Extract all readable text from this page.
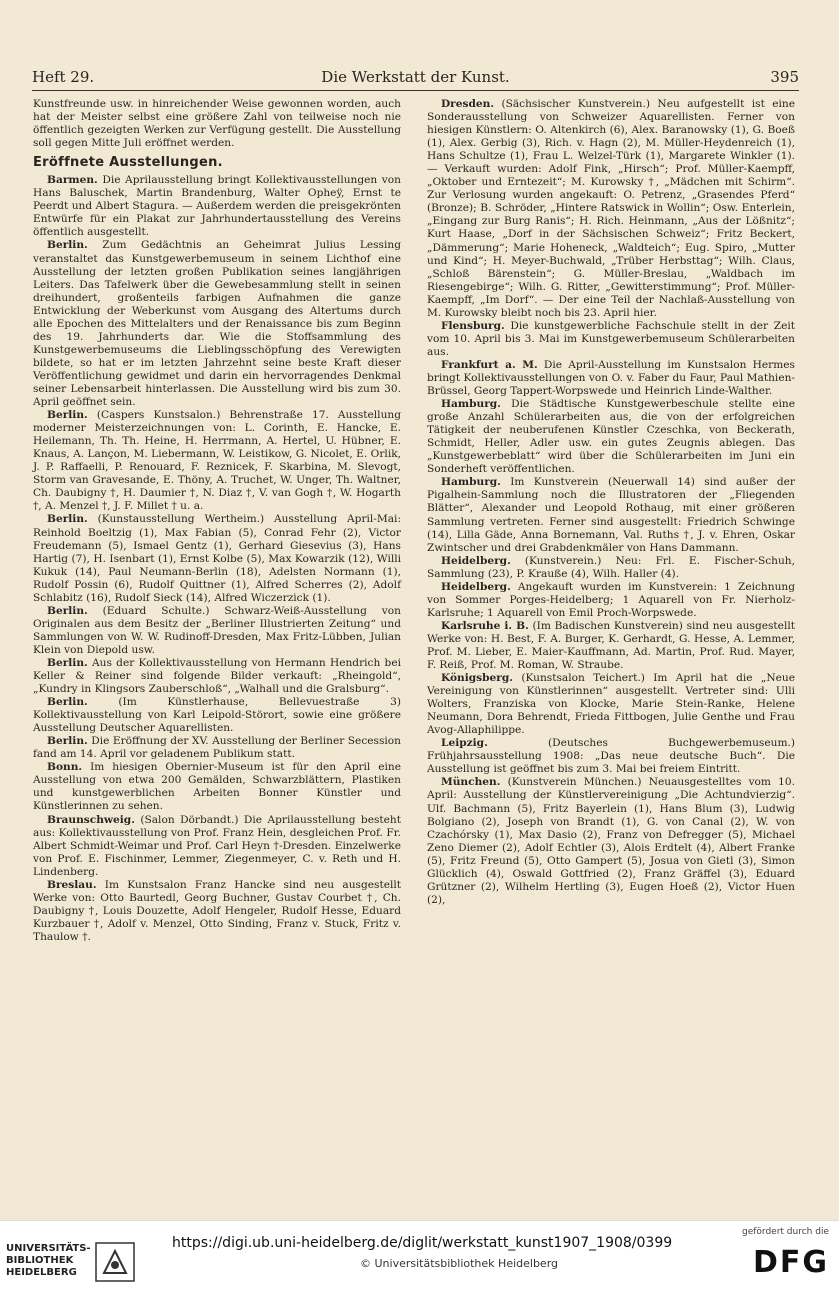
Heft 29.	Die Werkstatt der Kunst.	395

Kunstfreunde usw. in hinreichender Weise gewonnen worden, auch hat der Meister selbst eine größere Zahl von teilweise noch nie öffentlich gezeigten Werken zur Verfügung gestellt. Die Ausstellung soll gegen Mitte Juli eröffnet werden.

Eröffnete Ausstellungen.

Barmen. Die Aprilausstellung bringt Kollektivausstellungen von Hans Baluschek, Martin Brandenburg, Walter Opheÿ, Ernst te Peerdt und Albert Stagura. — Außerdem werden die preisgekrönten Entwürfe für ein Plakat zur Jahrhundertausstellung des Vereins öffentlich ausgestellt.

Berlin. Zum Gedächtnis an Geheimrat Julius Lessing veranstaltet das Kunstgewerbemuseum in seinem Lichthof eine Ausstellung der letzten großen Publikation seines langjährigen Leiters. Das Tafelwerk über die Gewebesammlung stellt in seinen dreihundert, großenteils farbigen Aufnahmen die ganze Entwicklung der Weberkunst vom Ausgang des Altertums durch alle Epochen des Mittelalters und der Renaissance bis zum Beginn des 19. Jahrhunderts dar. Wie die Stoffsammlung des Kunstgewerbemuseums die Lieblingsschöpfung des Verewigten bildete, so hat er im letzten Jahrzehnt seine beste Kraft dieser Veröffentlichung gewidmet und darin ein hervorragendes Denkmal seiner Lebensarbeit hinterlassen. Die Ausstellung wird bis zum 30. April geöffnet sein.

Berlin. (Caspers Kunstsalon.) Behrenstraße 17. Ausstellung moderner Meisterzeichnungen von: L. Corinth, E. Hancke, E. Heilemann, Th. Th. Heine, H. Herrmann, A. Hertel, U. Hübner, E. Knaus, A. Lançon, M. Liebermann, W. Leistikow, G. Nicolet, E. Orlik, J. P. Raffaelli, P. Renouard, F. Reznicek, F. Skarbina, M. Slevogt, Storm van Gravesande, E. Thöny, A. Truchet, W. Unger, Th. Waltner, Ch. Daubigny †, H. Daumier †, N. Diaz †, V. van Gogh †, W. Hogarth †, A. Menzel †, J. F. Millet † u. a.

Berlin. (Kunstausstellung Wertheim.) Ausstellung April-Mai: Reinhold Boeltzig (1), Max Fabian (5), Conrad Fehr (2), Victor Freudemann (5), Ismael Gentz (1), Gerhard Giesevius (3), Hans Hartig (7), H. Isenbart (1), Ernst Kolbe (5), Max Kowarzik (12), Willi Kukuk (14), Paul Neumann-Berlin (18), Adelsten Normann (1), Rudolf Possin (6), Rudolf Quittner (1), Alfred Scherres (2), Adolf Schlabitz (16), Rudolf Sieck (14), Alfred Wiczerzick (1).

Berlin. (Eduard Schulte.) Schwarz-Weiß-Ausstellung von Originalen aus dem Besitz der „Berliner Illustrierten Zeitung“ und Sammlungen von W. W. Rudinoff-Dresden, Max Fritz-Lübben, Julian Klein von Diepold usw.

Berlin. Aus der Kollektivausstellung von Hermann Hendrich bei Keller & Reiner sind folgende Bilder verkauft: „Rheingold“, „Kundry in Klingsors Zauberschloß“, „Walhall und die Gralsburg“.

Berlin.	(Im Künstlerhause, Bellevuestraße 3) Kollektivausstellung von Karl Leipold-Störort, sowie eine größere Ausstellung Deutscher Aquarellisten.

Berlin. Die Eröffnung der XV. Ausstellung der Berliner Secession fand am 14. April vor geladenem Publikum statt.

Bonn. Im hiesigen Obernier-Museum ist für den April eine Ausstellung von etwa 200 Gemälden, Schwarzblättern, Plastiken und kunstgewerblichen Arbeiten Bonner Künstler und Künstlerinnen zu sehen.

Braunschweig. (Salon Dörbandt.) Die Aprilausstellung besteht aus: Kollektivausstellung von Prof. Franz Hein, desgleichen Prof. Fr. Albert Schmidt-Weimar und Prof. Carl Heyn †-Dresden. Einzelwerke von Prof. E. Fischinmer, Lemmer, Ziegenmeyer, C. v. Reth und H. Lindenberg.

Breslau. Im Kunstsalon Franz Hancke sind neu ausgestellt Werke von: Otto Baurtedl, Georg Buchner, Gustav Courbet †, Ch. Daubigny †, Louis Douzette, Adolf Hengeler, Rudolf Hesse, Eduard Kurzbauer †, Adolf v. Menzel, Otto Sinding, Franz v. Stuck, Fritz v. Thaulow †.

Dresden. (Sächsischer Kunstverein.) Neu aufgestellt ist eine Sonderausstellung von Schweizer Aquarellisten. Ferner von hiesigen Künstlern: O. Altenkirch (6), Alex. Baranowsky (1), G. Boeß (1), Alex. Gerbig (3), Rich. v. Hagn (2), M. Müller-Heydenreich (1), Hans Schultze (1), Frau L. Welzel-Türk (1), Margarete Winkler (1). — Verkauft wurden: Adolf Fink, „Hirsch“; Prof. Müller-Kaempff, „Oktober und Erntezeit“; M. Kurowsky †, „Mädchen mit Schirm“. Zur Verlosung wurden angekauft: O. Petrenz, „Grasendes Pferd“ (Bronze); B. Schröder, „Hintere Ratswick in Wollin“; Osw. Enterlein, „Eingang zur Burg Ranis“; H. Rich. Heinmann, „Aus der Lößnitz“; Kurt Haase, „Dorf in der Sächsischen Schweiz“; Fritz Beckert, „Dämmerung“; Marie Hoheneck, „Waldteich“; Eug. Spiro, „Mutter und Kind“; H. Meyer-Buchwald, „Trüber Herbsttag“; Wilh. Claus, „Schloß Bärenstein“; G. Müller-Breslau, „Waldbach im Riesengebirge“; Wilh. G. Ritter, „Gewitterstimmung“; Prof. Müller-Kaempff, „Im Dorf“. — Der eine Teil der Nachlaß-Ausstellung von M. Kurowsky bleibt noch bis 23. April hier.

Flensburg. Die kunstgewerbliche Fachschule stellt in der Zeit vom 10. April bis 3. Mai im Kunstgewerbemuseum Schülerarbeiten aus.

Frankfurt a. M. Die April-Ausstellung im Kunstsalon Hermes bringt Kollektivausstellungen von O. v. Faber du Faur, Paul Mathien-Brüssel, Georg Tappert-Worpswede und Heinrich Linde-Walther.

Hamburg. Die Städtische Kunstgewerbeschule stellte eine große Anzahl Schülerarbeiten aus, die von der erfolgreichen Tätigkeit der neuberufenen Künstler Czeschka, von Beckerath, Schmidt, Heller, Adler usw. ein gutes Zeugnis ablegen. Das „Kunstgewerbeblatt“ wird über die Schülerarbeiten im Juni ein Sonderheft veröffentlichen.

Hamburg. Im Kunstverein (Neuerwall 14) sind außer der Pigalhein-Sammlung noch die Illustratoren der „Fliegenden Blätter“, Alexander und Leopold Rothaug, mit einer größeren Sammlung vertreten. Ferner sind ausgestellt: Friedrich Schwinge (14), Lilla Gäde, Anna Bornemann, Val. Ruths †, J. v. Ehren, Oskar Zwintscher und drei Grabdenkmäler von Hans Dammann.

Heidelberg. (Kunstverein.) Neu: Frl. E. Fischer-Schuh, Sammlung (23), P. Krauße (4), Wilh. Haller (4).

Heidelberg. Angekauft wurden im Kunstverein: 1 Zeichnung von Sommer Porges-Heidelberg; 1 Aquarell von Fr. Nierholz-Karlsruhe; 1 Aquarell von Emil Proch-Worpswede.

Karlsruhe i. B. (Im Badischen Kunstverein) sind neu ausgestellt Werke von: H. Best, F. A. Burger, K. Gerhardt, G. Hesse, A. Lemmer, Prof. M. Lieber, E. Maier-Kauffmann, Ad. Martin, Prof. Rud. Mayer, F. Reiß, Prof. M. Roman, W. Straube.

Königsberg. (Kunstsalon Teichert.) Im April hat die „Neue Vereinigung von Künstlerinnen“ ausgestellt. Vertreter sind: Ulli Wolters, Franziska von Klocke, Marie Stein-Ranke, Helene Neumann, Dora Behrendt, Frieda Fittbogen, Julie Genthe und Frau Avog-Allaphilippe.

Leipzig.	(Deutsches Buchgewerbemuseum.) Frühjahrsausstellung 1908: „Das neue deutsche Buch“. Die Ausstellung ist geöffnet bis zum 3. Mai bei freiem Eintritt.

München. (Kunstverein München.) Neuausgestelltes vom 10. April: Ausstellung der Künstlervereinigung „Die Achtundvierzig“. Ulf. Bachmann (5), Fritz Bayerlein (1), Hans Blum (3), Ludwig Bolgiano (2), Joseph von Brandt (1), G. von Canal (2), W. von Czachórsky (1), Max Dasio (2), Franz von Defregger (5), Michael Zeno Diemer (2), Adolf Echtler (3), Alois Erdtelt (4), Albert Franke (5), Fritz Freund (5), Otto Gampert (5), Josua von Gietl (3), Simon Glücklich (4), Oswald Gottfried (2), Franz Gräffel (3), Eduard Grützner (2), Wilhelm Hertling (3), Eugen Hoeß (2), Victor Huen (2),

UNIVERSITÄTS- BIBLIOTHEK HEIDELBERG
https://digi.ub.uni-heidelberg.de/diglit/werkstatt_kunst1907_1908/0399
© Universitätsbibliothek Heidelberg
gefördert durch die
DFG
